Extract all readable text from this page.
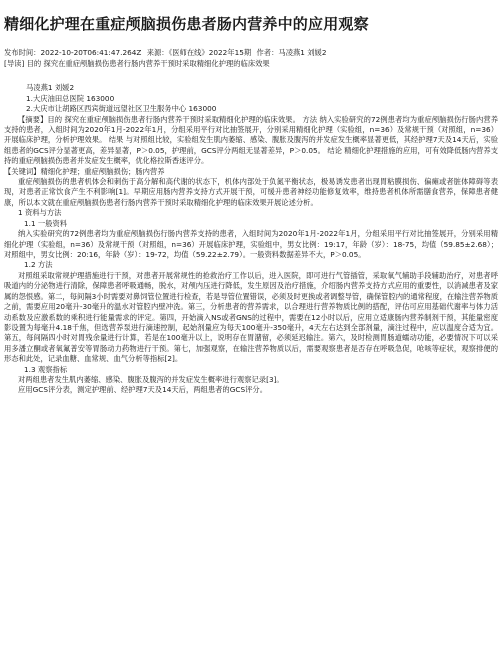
精细化护理在重症颅脑损伤患者肠内营养中的应用观察
发布时间：2022-10-20T06:41:47.264Z 来源：《医师在线》2022年15期 作者：马凌燕1 刘媛2
[导读] 目的 探究在重症颅脑损伤患者行肠内营养干预时采取精细化护理的临床效果
马凌燕1 刘媛2
1.大庆油田总医院 163000
2.大庆市让胡路区西宾街道远望社区卫生服务中心 163000
【摘要】目的 探究在重症颅脑损伤患者行肠内营养干预时采取精细化护理的临床效果。 方法 纳入实验研究的72例患者均为重症颅脑损伤行肠内营养支持的患者，入组时间为2020年1月-2022年1月，分组采用平行对比抽签展开，分别采用精细化护理（实验组，n=36）及常规干预（对照组，n=36）开展临床护理，分析护理效果。 结果 与对照组比较，实验组发生肌内萎缩、感染、腹胀及腹泻的并发症发生概率显著更低，其经护理7天及14天后，实验组患者的GCS评分显著更高，差异显著，P＞0.05，护理前，GCS评分两组无显著差异，P＞0.05。 结论 精细化护理措施的应用，可有效降低肠内营养支持的重症颅脑损伤患者并发症发生概率，优化格拉斯香迷评分。
【关键词】精细化护理；重症颅脑损伤；肠内营养
重症颅脑损伤的患者机体会和刺伤于高分解和高代谢的状态下，机体内部处于负氮平衡状态，极易诱发患者出现胃粘膜损伤、偏瘫或者脏体障碍等表现，对患者正常饮食产生不利影响[1]。早期应用肠内营养支持方式开展干预，可缓升患者神经功能修复效率，维持患者机体所需膳食营养，保障患者健康，所以本文就在重症颅脑损伤患者行肠内营养干预时采取精细化护理的临床效果开展论述分析。
1 资料与方法
1.1 一般资料
纳入实验研究的72例患者均为重症颅脑损伤行肠内营养支持的患者，入组时间为2020年1月-2022年1月，分组采用平行对比抽签展开，分别采用精细化护理（实验组，n=36）及常规干预（对照组，n=36）开展临床护理，实验组中，男女比例：19:17，年龄（岁）：18-75，均值（59.85±2.68）；对照组中，男女比例：20:16，年龄（岁）：19-72，均值（59.22±2.79）。一般资料数据差异不大，P＞0.05。
1.2 方法
对照组采取常规护理措施进行干预，对患者开展常规性的抢救治疗工作以后，进入医院，即可进行气管插管，采取氧气辅助手段辅助治疗，对患者呼吸道内的分泌物进行清除，保障患者呼吸通畅，脱水，对颅内压进行降低，发生原因及治疗措施，介绍肠内营养支持方式应用的重要性，以消减患者及家属的怨恨感。第二，每间隔3小时需要对鼻饲管位置进行检查，若是导管位置错误，必须及时更换或者调整导管，确保管腔内的通常程度，在输注营养物质之前，需要应用20毫升-30毫升的温水对管腔内壁冲洗。第三，分析患者的营养需求，以合理进行营养物质比例的搭配，评估可应用基础代谢率与体力活动系数及应激系数的乘积进行能量需求的评定。第四，开始滴入NS或者GNS的过程中，需要在12小时以后，应用立适康肠内营养制剂干预，其能量密度影设置为每毫升4.18千焦，但选营养泵进行滴速控制，起始剂量应为每天100毫升-350毫升，4天左右达到全部剂量，滴注过程中，应以温度合适为宜。第五，每间隔四小时对胃残余量进行计算，若是在100毫升以上，说明存在胃潴留，必须延迟输注。第六，及时检测胃肠道蠕动功能，必要情况下可以采用多潘立酮或者氧氟普安等胃肠动力药物进行干预。第七，加强观察，在输注营养物质以后，需要观察患者是否存在呼吸急促，呛咳等症状，观察排便的形态和此处，记录血糖、血常规、血气分析等指标[2]。
1.3 观察指标
对两组患者发生肌内萎缩、感染、腹胀及腹泻的并发症发生概率进行观察记录[3]。
应用GCS评分表，测定护理前、经护理7天及14天后，两组患者的GCS评分。
